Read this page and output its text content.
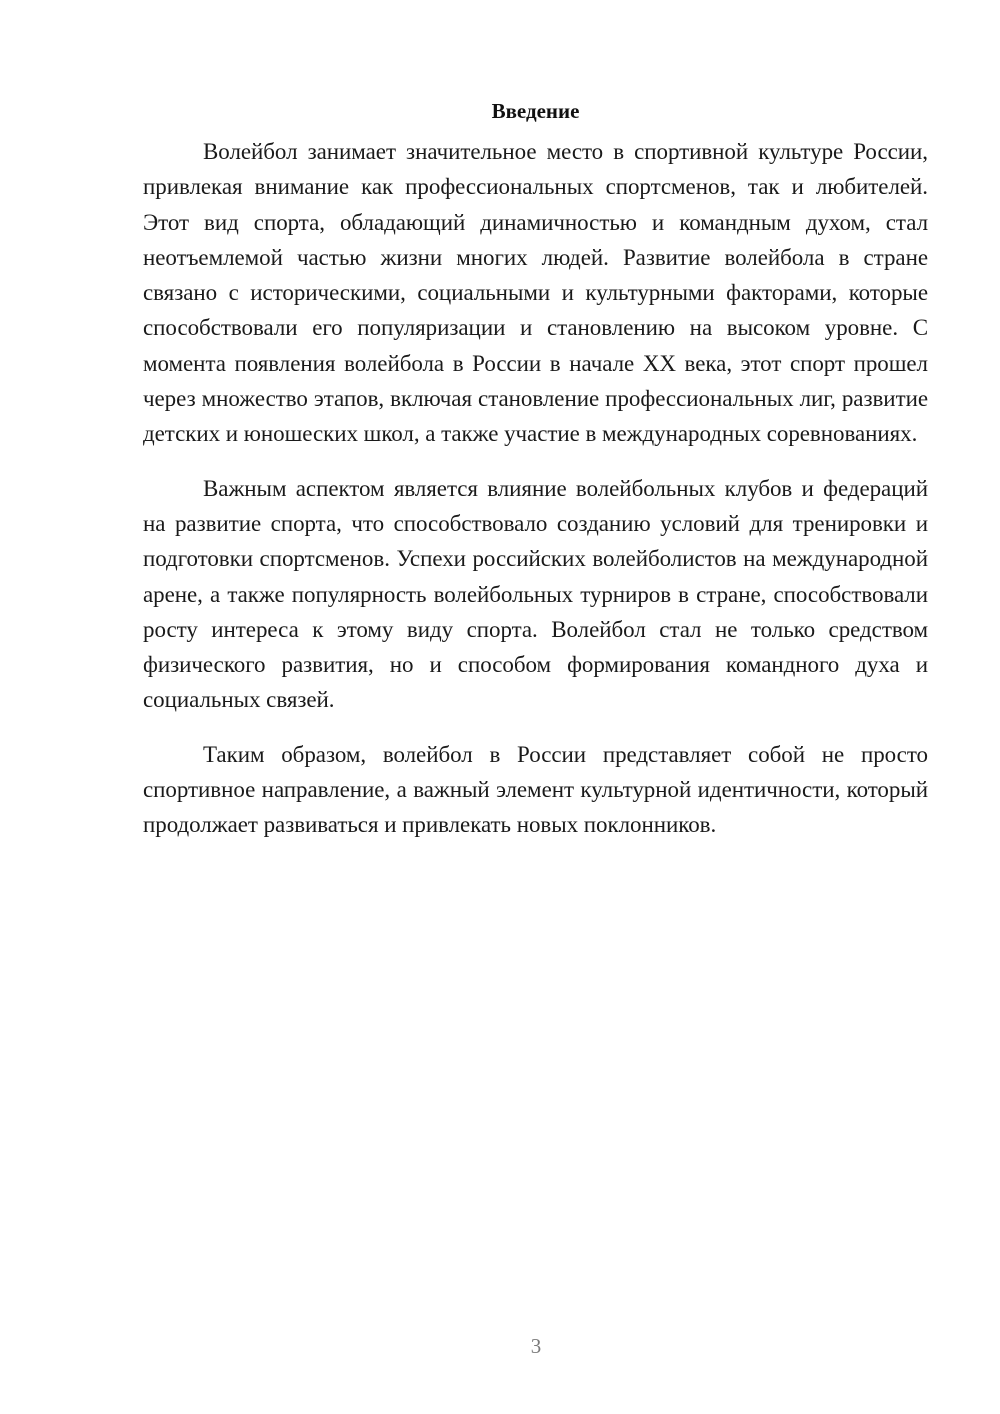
Введение

Волейбол занимает значительное место в спортивной культуре России, привлекая внимание как профессиональных спортсменов, так и любителей. Этот вид спорта, обладающий динамичностью и командным духом, стал неотъемлемой частью жизни многих людей. Развитие волейбола в стране связано с историческими, социальными и культурными факторами, которые способствовали его популяризации и становлению на высоком уровне. С момента появления волейбола в России в начале XX века, этот спорт прошел через множество этапов, включая становление профессиональных лиг, развитие детских и юношеских школ, а также участие в международных соревнованиях.

Важным аспектом является влияние волейбольных клубов и федераций на развитие спорта, что способствовало созданию условий для тренировки и подготовки спортсменов. Успехи российских волейболистов на международной арене, а также популярность волейбольных турниров в стране, способствовали росту интереса к этому виду спорта. Волейбол стал не только средством физического развития, но и способом формирования командного духа и социальных связей.

Таким образом, волейбол в России представляет собой не просто спортивное направление, а важный элемент культурной идентичности, который продолжает развиваться и привлекать новых поклонников.

3
